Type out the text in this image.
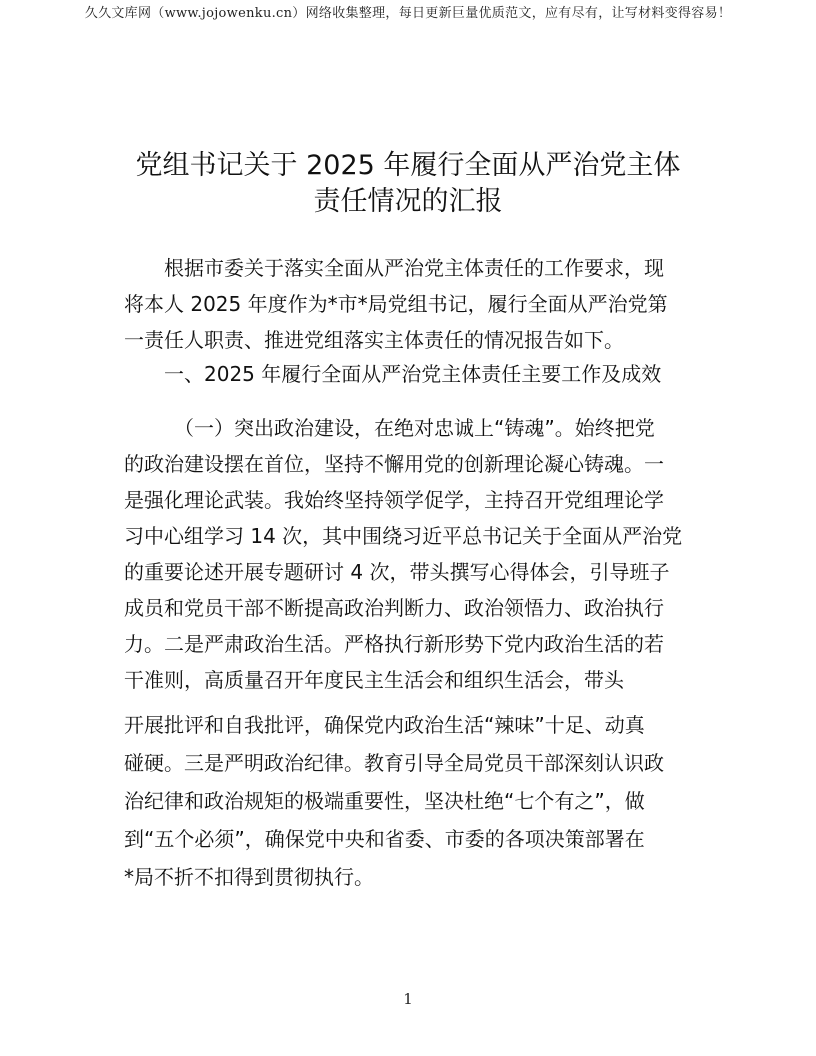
久久文库网（www.jojowenku.cn）网络收集整理，每日更新巨量优质范文，应有尽有，让写材料变得容易！
党组书记关于 2025 年履行全面从严治党主体
责任情况的汇报
根据市委关于落实全面从严治党主体责任的工作要求，现
将本人 2025 年度作为*市*局党组书记，履行全面从严治党第
一责任人职责、推进党组落实主体责任的情况报告如下。
一、2025 年履行全面从严治党主体责任主要工作及成效
（一）突出政治建设，在绝对忠诚上“铸魂”。始终把党
的政治建设摆在首位，坚持不懈用党的创新理论凝心铸魂。一
是强化理论武装。我始终坚持领学促学，主持召开党组理论学
习中心组学习 14 次，其中围绕习近平总书记关于全面从严治党
的重要论述开展专题研讨 4 次，带头撰写心得体会，引导班子
成员和党员干部不断提高政治判断力、政治领悟力、政治执行
力。二是严肃政治生活。严格执行新形势下党内政治生活的若
干准则，高质量召开年度民主生活会和组织生活会，带头
开展批评和自我批评，确保党内政治生活“辣味”十足、动真
碰硬。三是严明政治纪律。教育引导全局党员干部深刻认识政
治纪律和政治规矩的极端重要性，坚决杜绝“七个有之”，做
到“五个必须”，确保党中央和省委、市委的各项决策部署在
*局不折不扣得到贯彻执行。
1
